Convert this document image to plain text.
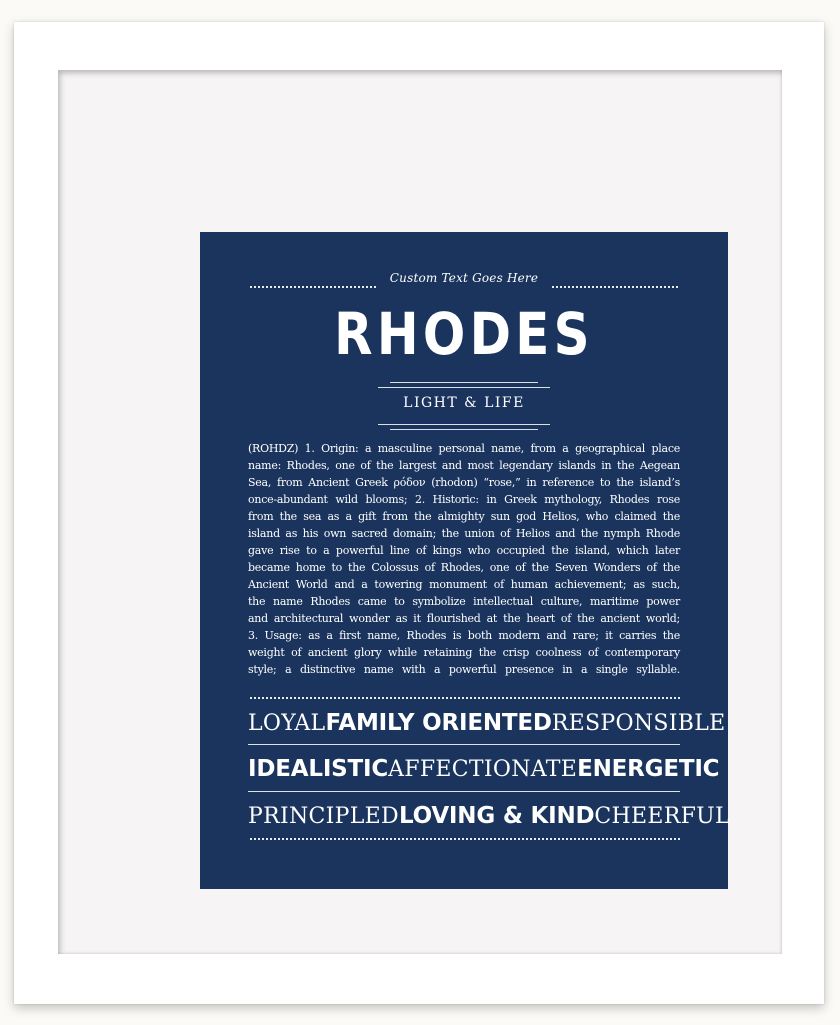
Custom Text Goes Here
RHODES
LIGHT & LIFE
(ROHDZ) 1. Origin: a masculine personal name, from a geographical place
name: Rhodes, one of the largest and most legendary islands in the Aegean
Sea, from Ancient Greek ρόδον (rhodon) “rose,” in reference to the island’s
once-abundant wild blooms; 2. Historic: in Greek mythology, Rhodes rose
from the sea as a gift from the almighty sun god Helios, who claimed the
island as his own sacred domain; the union of Helios and the nymph Rhode
gave rise to a powerful line of kings who occupied the island, which later
became home to the Colossus of Rhodes, one of the Seven Wonders of the
Ancient World and a towering monument of human achievement; as such,
the name Rhodes came to symbolize intellectual culture, maritime power
and architectural wonder as it flourished at the heart of the ancient world;
3. Usage: as a first name, Rhodes is both modern and rare; it carries the
weight of ancient glory while retaining the crisp coolness of contemporary
style; a distinctive name with a powerful presence in a single syllable.
LOYAL FAMILY ORIENTED RESPONSIBLE
IDEALISTIC AFFECTIONATE ENERGETIC
PRINCIPLED LOVING & KIND CHEERFUL
